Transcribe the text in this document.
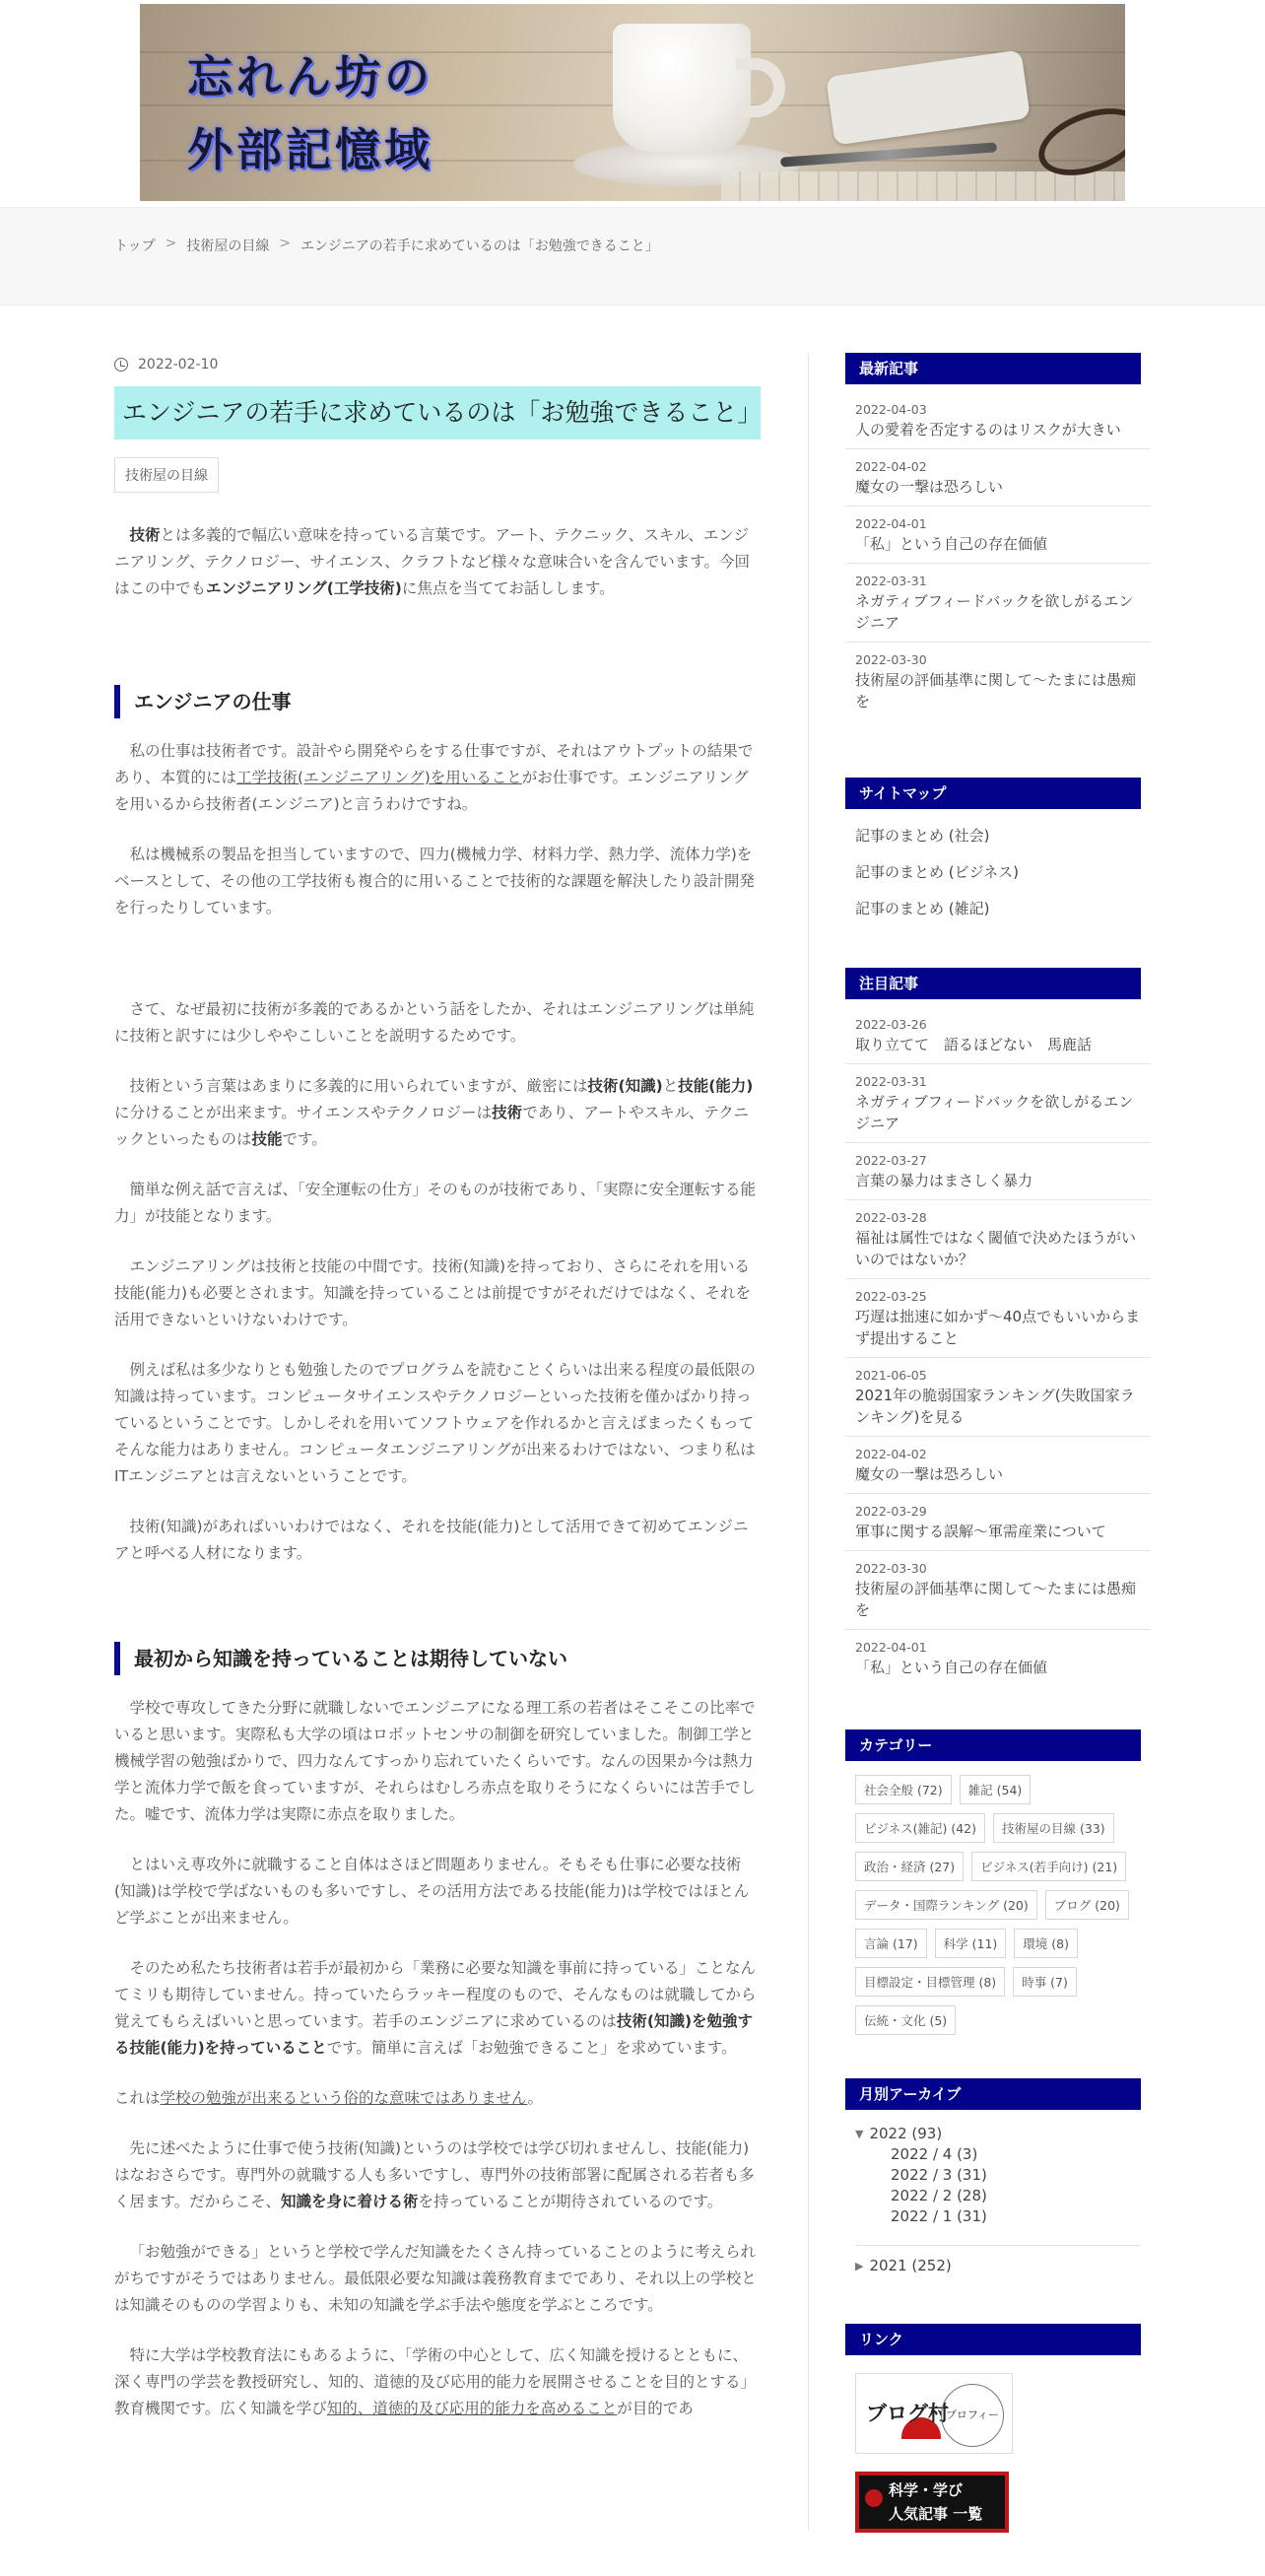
忘れん坊の
外部記憶域
トップ > 技術屋の目線 > エンジニアの若手に求めているのは「お勉強できること」
2022-02-10
エンジニアの若手に求めているのは「お勉強できること」
技術屋の目線

技術とは多義的で幅広い意味を持っている言葉です。アート、テクニック、スキル、エンジニアリング、テクノロジー、サイエンス、クラフトなど様々な意味合いを含んでいます。今回はこの中でもエンジニアリング(工学技術)に焦点を当ててお話しします。

エンジニアの仕事

私の仕事は技術者です。設計やら開発やらをする仕事ですが、それはアウトプットの結果であり、本質的には工学技術(エンジニアリング)を用いることがお仕事です。エンジニアリングを用いるから技術者(エンジニア)と言うわけですね。

私は機械系の製品を担当していますので、四力(機械力学、材料力学、熱力学、流体力学)をベースとして、その他の工学技術も複合的に用いることで技術的な課題を解決したり設計開発を行ったりしています。

さて、なぜ最初に技術が多義的であるかという話をしたか、それはエンジニアリングは単純に技術と訳すには少しややこしいことを説明するためです。

技術という言葉はあまりに多義的に用いられていますが、厳密には技術(知識)と技能(能力)に分けることが出来ます。サイエンスやテクノロジーは技術であり、アートやスキル、テクニックといったものは技能です。

簡単な例え話で言えば、「安全運転の仕方」そのものが技術であり、「実際に安全運転する能力」が技能となります。

エンジニアリングは技術と技能の中間です。技術(知識)を持っており、さらにそれを用いる技能(能力)も必要とされます。知識を持っていることは前提ですがそれだけではなく、それを活用できないといけないわけです。

例えば私は多少なりとも勉強したのでプログラムを読むことくらいは出来る程度の最低限の知識は持っています。コンピュータサイエンスやテクノロジーといった技術を僅かばかり持っているということです。しかしそれを用いてソフトウェアを作れるかと言えばまったくもってそんな能力はありません。コンピュータエンジニアリングが出来るわけではない、つまり私はITエンジニアとは言えないということです。

技術(知識)があればいいわけではなく、それを技能(能力)として活用できて初めてエンジニアと呼べる人材になります。

最初から知識を持っていることは期待していない

学校で専攻してきた分野に就職しないでエンジニアになる理工系の若者はそこそこの比率でいると思います。実際私も大学の頃はロボットセンサの制御を研究していました。制御工学と機械学習の勉強ばかりで、四力なんてすっかり忘れていたくらいです。なんの因果か今は熱力学と流体力学で飯を食っていますが、それらはむしろ赤点を取りそうになくらいには苦手でした。嘘です、流体力学は実際に赤点を取りました。

とはいえ専攻外に就職すること自体はさほど問題ありません。そもそも仕事に必要な技術(知識)は学校で学ばないものも多いですし、その活用方法である技能(能力)は学校ではほとんど学ぶことが出来ません。

そのため私たち技術者は若手が最初から「業務に必要な知識を事前に持っている」ことなんてミリも期待していません。持っていたらラッキー程度のもので、そんなものは就職してから覚えてもらえばいいと思っています。若手のエンジニアに求めているのは技術(知識)を勉強する技能(能力)を持っていることです。簡単に言えば「お勉強できること」を求めています。

これは学校の勉強が出来るという俗的な意味ではありません。

先に述べたように仕事で使う技術(知識)というのは学校では学び切れませんし、技能(能力)はなおさらです。専門外の就職する人も多いですし、専門外の技術部署に配属される若者も多く居ます。だからこそ、知識を身に着ける術を持っていることが期待されているのです。

「お勉強ができる」というと学校で学んだ知識をたくさん持っていることのように考えられがちですがそうではありません。最低限必要な知識は義務教育までであり、それ以上の学校とは知識そのものの学習よりも、未知の知識を学ぶ手法や態度を学ぶところです。

特に大学は学校教育法にもあるように、「学術の中心として、広く知識を授けるとともに、深く専門の学芸を教授研究し、知的、道徳的及び応用的能力を展開させることを目的とする」教育機関です。広く知識を学び知的、道徳的及び応用的能力を高めることが目的であ

最新記事
2022-04-03
人の愛着を否定するのはリスクが大きい
2022-04-02
魔女の一撃は恐ろしい
2022-04-01
「私」という自己の存在価値
2022-03-31
ネガティブフィードバックを欲しがるエンジニア
2022-03-30
技術屋の評価基準に関して～たまには愚痴を
サイトマップ
記事のまとめ (社会)
記事のまとめ (ビジネス)
記事のまとめ (雑記)
注目記事
2022-03-26
取り立てて　語るほどない　馬鹿話
2022-03-31
ネガティブフィードバックを欲しがるエンジニア
2022-03-27
言葉の暴力はまさしく暴力
2022-03-28
福祉は属性ではなく閾値で決めたほうがいいのではないか？
2022-03-25
巧遅は拙速に如かず～40点でもいいからまず提出すること
2021-06-05
2021年の脆弱国家ランキング(失敗国家ランキング)を見る
2022-04-02
魔女の一撃は恐ろしい
2022-03-29
軍事に関する誤解～軍需産業について
2022-03-30
技術屋の評価基準に関して～たまには愚痴を
2022-04-01
「私」という自己の存在価値
カテゴリー
社会全般 (72)	雑記 (54)
ビジネス(雑記) (42)	技術屋の目線 (33)
政治・経済 (27)	ビジネス(若手向け) (21)
データ・国際ランキング (20)	ブログ (20)
言論 (17)	科学 (11)	環境 (8)
目標設定・目標管理 (8)	時事 (7)
伝統・文化 (5)
月別アーカイブ
▼ 2022 (93)
2022 / 4 (3)
2022 / 3 (31)
2022 / 2 (28)
2022 / 1 (31)
▶ 2021 (252)
リンク
ブログ村
プロフィー
科学・学び
人気記事 一覧
